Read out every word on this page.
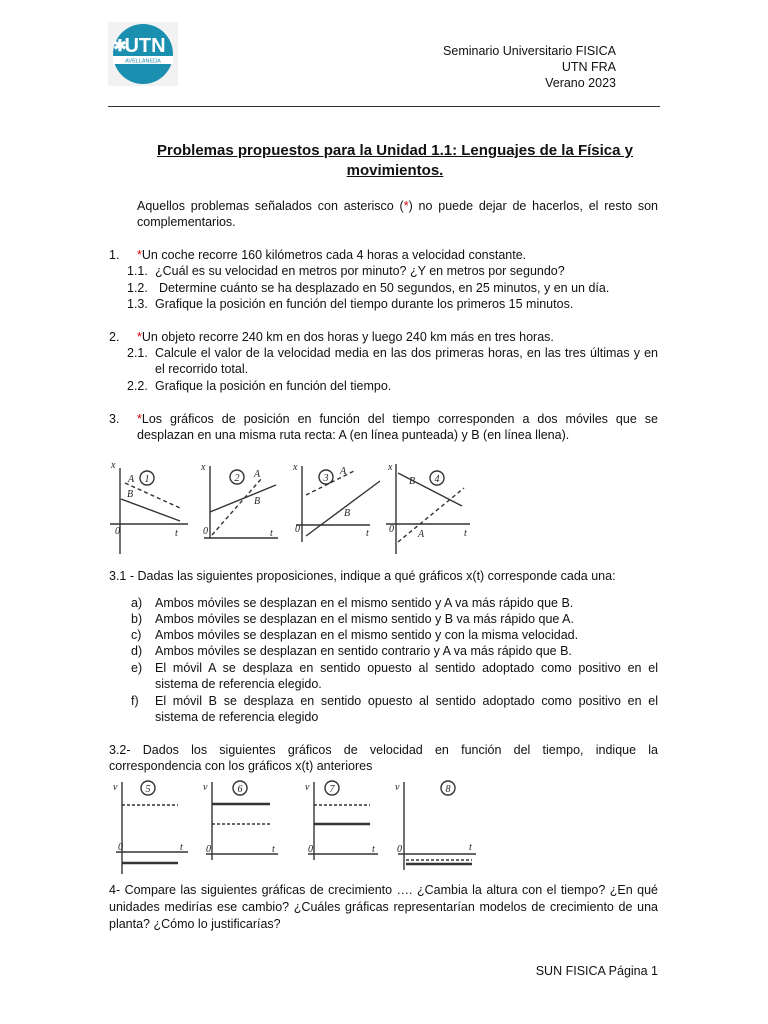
UTN
✱
AVELLANEDA
Seminario Universitario FISICA
UTN FRA
Verano 2023
Problemas propuestos para la Unidad 1.1: Lenguajes de la Física y
movimientos.
Aquellos problemas señalados con asterisco (*) no puede dejar de hacerlos, el resto son complementarios.
1. *Un coche recorre 160 kilómetros cada 4 horas a velocidad constante.
1.1. ¿Cuál es su velocidad en metros por minuto? ¿Y en metros por segundo?
1.2. Determine cuánto se ha desplazado en 50 segundos, en 25 minutos, y en un día.
1.3. Grafique la posición en función del tiempo durante los primeros 15 minutos.
2. *Un objeto recorre 240 km en dos horas y luego 240 km más en tres horas.
2.1. Calcule el valor de la velocidad media en las dos primeras horas, en las tres últimas y en
el recorrido total.
2.2. Grafique la posición en función del tiempo.
3. *Los gráficos de posición en función del tiempo corresponden a dos móviles que se
desplazan en una misma ruta recta: A (en línea punteada) y B (en línea llena).
x
0	t
A
B
1
x
0	t
A
B
2
x
0	t
A
B
3
x
0	t
A
B 4
3.1 - Dadas las siguientes proposiciones, indique a qué gráficos x(t) corresponde cada una:
a) Ambos móviles se desplazan en el mismo sentido y A va más rápido que B.
b) Ambos móviles se desplazan en el mismo sentido y B va más rápido que A.
c) Ambos móviles se desplazan en el mismo sentido y con la misma velocidad.
d) Ambos móviles se desplazan en sentido contrario y A va más rápido que B.
e) El móvil A se desplaza en sentido opuesto al sentido adoptado como positivo en el
sistema de referencia elegido.
f) El móvil B se desplaza en sentido opuesto al sentido adoptado como positivo en el
sistema de referencia elegido
3.2- Dados los siguientes gráficos de velocidad en función del tiempo, indique la
correspondencia con los gráficos x(t) anteriores
v
0	t
5	v
0	t
6	v
0	t
7	v
0	t
8
4- Compare las siguientes gráficas de crecimiento …. ¿Cambia la altura con el tiempo? ¿En qué
unidades medirías ese cambio? ¿Cuáles gráficas representarían modelos de crecimiento de una
planta? ¿Cómo lo justificarías?
SUN FISICA Página 1
